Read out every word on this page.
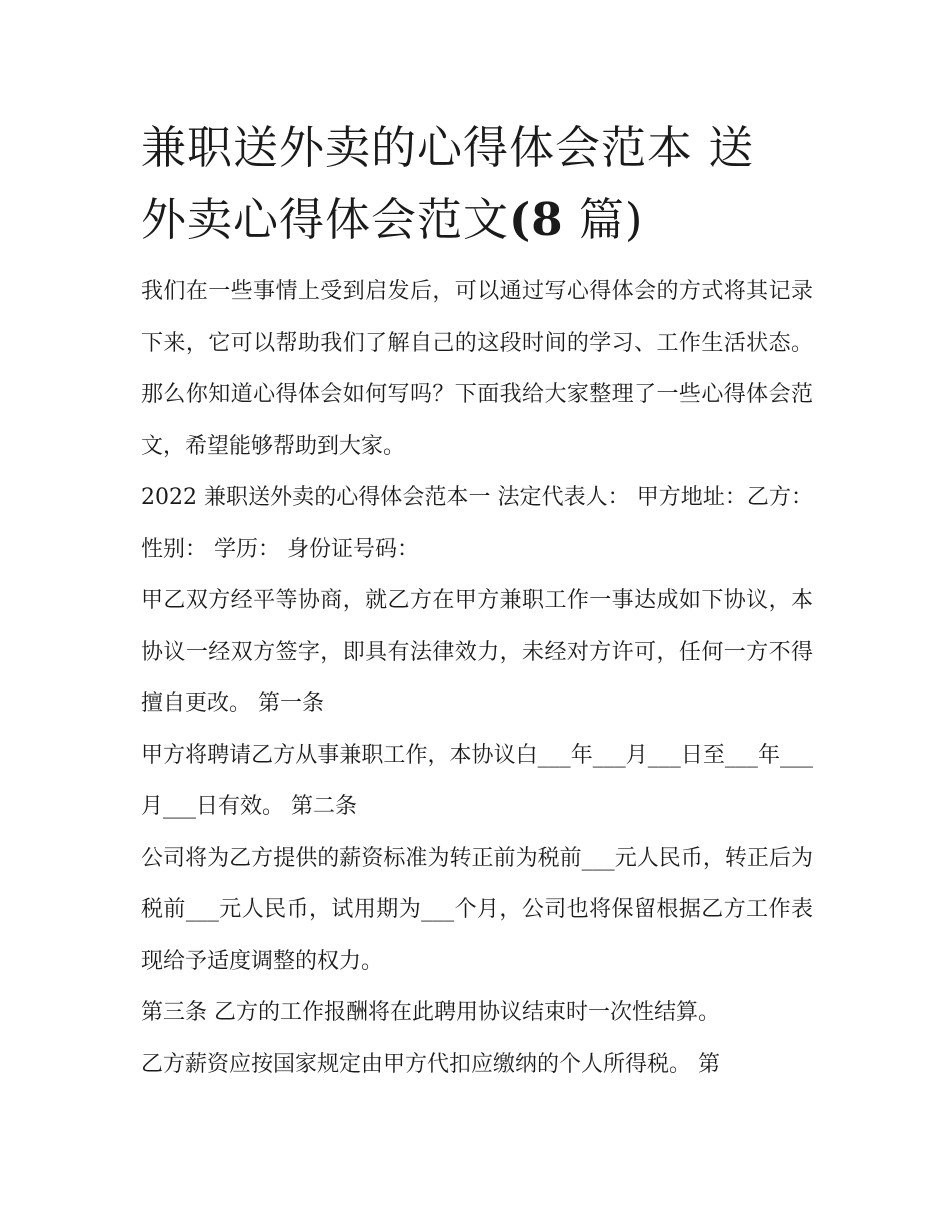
兼职送外卖的心得体会范本 送
外卖心得体会范文(8 篇)

我们在一些事情上受到启发后，可以通过写心得体会的方式将其记录下来，它可以帮助我们了解自己的这段时间的学习、工作生活状态。那么你知道心得体会如何写吗？下面我给大家整理了一些心得体会范文，希望能够帮助到大家。

2022 兼职送外卖的心得体会范本一 法定代表人： 甲方地址：乙方： 性别： 学历： 身份证号码：

甲乙双方经平等协商，就乙方在甲方兼职工作一事达成如下协议，本协议一经双方签字，即具有法律效力，未经对方许可，任何一方不得擅自更改。 第一条

甲方将聘请乙方从事兼职工作，本协议白___年___月___日至___年___月___日有效。 第二条

公司将为乙方提供的薪资标准为转正前为税前___元人民币，转正后为税前___元人民币，试用期为___个月，公司也将保留根据乙方工作表现给予适度调整的权力。

第三条 乙方的工作报酬将在此聘用协议结束时一次性结算。

乙方薪资应按国家规定由甲方代扣应缴纳的个人所得税。 第
